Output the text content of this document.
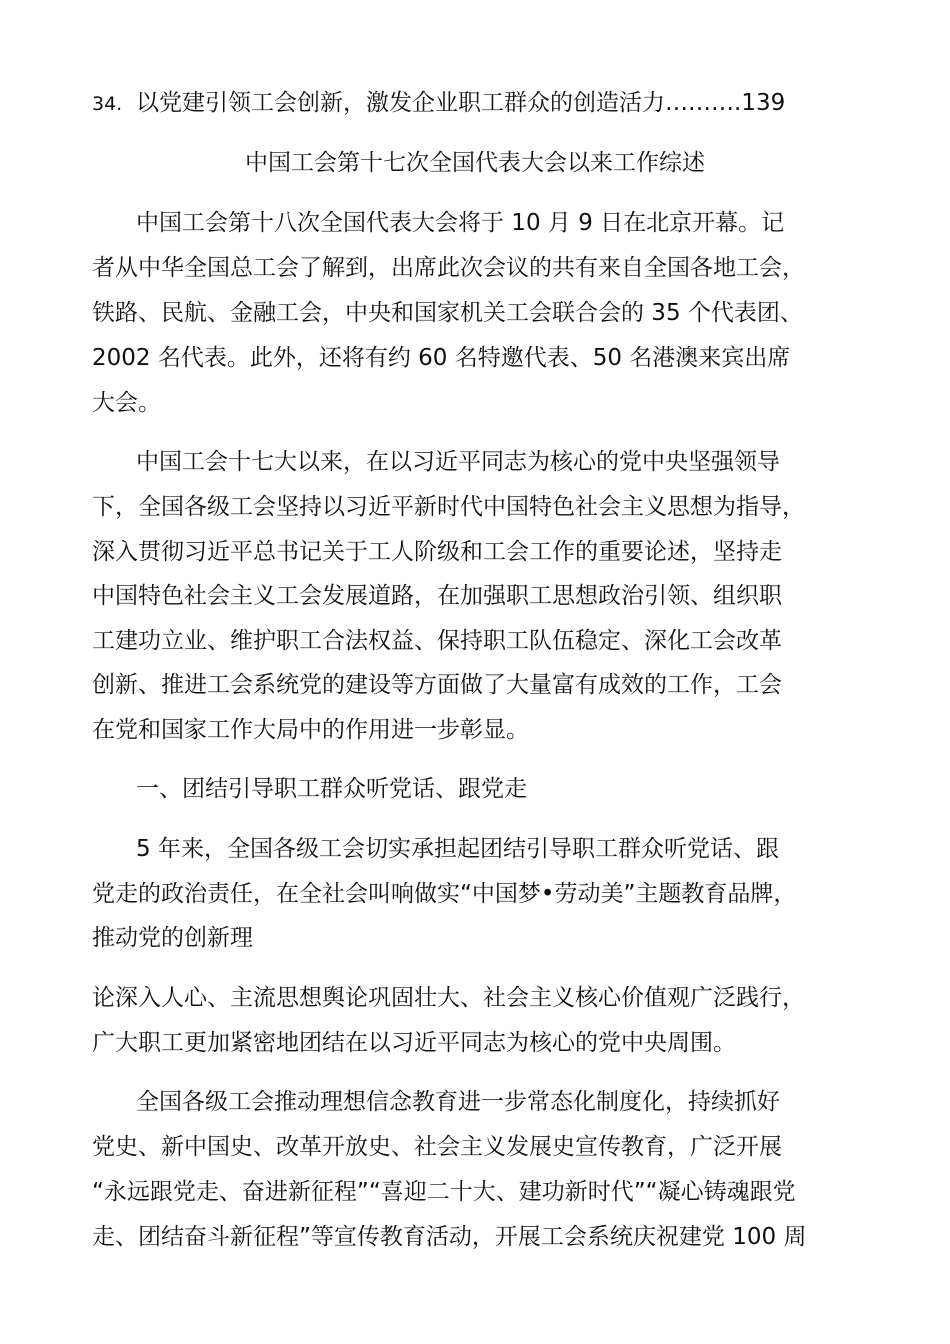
34. 以党建引领工会创新，激发企业职工群众的创造活力……….139
中国工会第十七次全国代表大会以来工作综述
中国工会第十八次全国代表大会将于 10 月 9 日在北京开幕。记
者从中华全国总工会了解到，出席此次会议的共有来自全国各地工会，
铁路、民航、金融工会，中央和国家机关工会联合会的 35 个代表团、
2002 名代表。此外，还将有约 60 名特邀代表、50 名港澳来宾出席
大会。
中国工会十七大以来，在以习近平同志为核心的党中央坚强领导
下，全国各级工会坚持以习近平新时代中国特色社会主义思想为指导，
深入贯彻习近平总书记关于工人阶级和工会工作的重要论述，坚持走
中国特色社会主义工会发展道路，在加强职工思想政治引领、组织职
工建功立业、维护职工合法权益、保持职工队伍稳定、深化工会改革
创新、推进工会系统党的建设等方面做了大量富有成效的工作，工会
在党和国家工作大局中的作用进一步彰显。
一、团结引导职工群众听党话、跟党走
5 年来，全国各级工会切实承担起团结引导职工群众听党话、跟
党走的政治责任，在全社会叫响做实“中国梦•劳动美”主题教育品牌，
推动党的创新理
论深入人心、主流思想舆论巩固壮大、社会主义核心价值观广泛践行，
广大职工更加紧密地团结在以习近平同志为核心的党中央周围。
全国各级工会推动理想信念教育进一步常态化制度化，持续抓好
党史、新中国史、改革开放史、社会主义发展史宣传教育，广泛开展
“永远跟党走、奋进新征程”“喜迎二十大、建功新时代”“凝心铸魂跟党
走、团结奋斗新征程”等宣传教育活动，开展工会系统庆祝建党 100 周
